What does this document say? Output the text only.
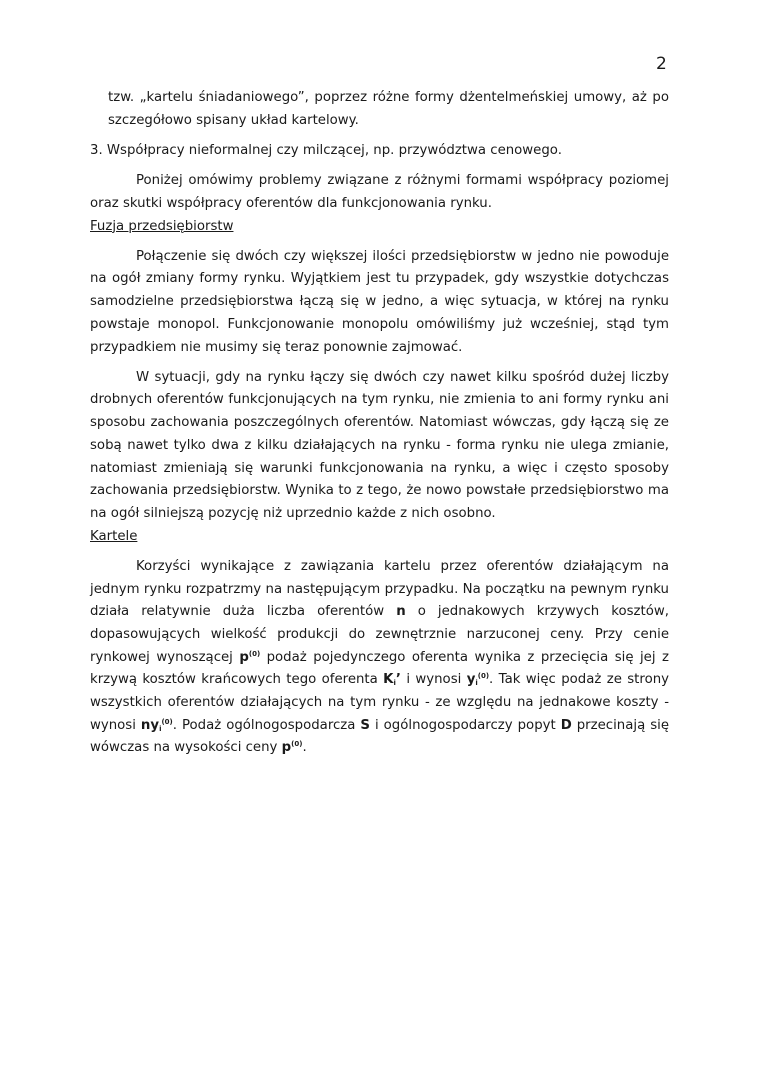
2

tzw. „kartelu śniadaniowego”, poprzez różne formy dżentelmeńskiej umowy, aż po szczegółowo spisany układ kartelowy.

3. Współpracy nieformalnej czy milczącej, np. przywództwa cenowego.

Poniżej omówimy problemy związane z różnymi formami współpracy poziomej oraz skutki współpracy oferentów dla funkcjonowania rynku.

Fuzja przedsiębiorstw

Połączenie się dwóch czy większej ilości przedsiębiorstw w jedno nie powoduje na ogół zmiany formy rynku. Wyjątkiem jest tu przypadek, gdy wszystkie dotychczas samodzielne przedsiębiorstwa łączą się w jedno, a więc sytuacja, w której na rynku powstaje monopol. Funkcjonowanie monopolu omówiliśmy już wcześniej, stąd tym przypadkiem nie musimy się teraz ponownie zajmować.

W sytuacji, gdy na rynku łączy się dwóch czy nawet kilku spośród dużej liczby drobnych oferentów funkcjonujących na tym rynku, nie zmienia to ani formy rynku ani sposobu zachowania poszczególnych oferentów. Natomiast wówczas, gdy łączą się ze sobą nawet tylko dwa z kilku działających na rynku - forma rynku nie ulega zmianie, natomiast zmieniają się warunki funkcjonowania na rynku, a więc i często sposoby zachowania przedsiębiorstw. Wynika to z tego, że nowo powstałe przedsiębiorstwo ma na ogół silniejszą pozycję niż uprzednio każde z nich osobno.

Kartele

Korzyści wynikające z zawiązania kartelu przez oferentów działającym na jednym rynku rozpatrzmy na następującym przypadku. Na początku na pewnym rynku działa relatywnie duża liczba oferentów n o jednakowych krzywych kosztów, dopasowujących wielkość produkcji do zewnętrznie narzuconej ceny. Przy cenie rynkowej wynoszącej $p^{(0)}$ podaż pojedynczego oferenta wynika z przecięcia się jej z krzywą kosztów krańcowych tego oferenta $K_i$’ i wynosi $y_i^{(0)}$. Tak więc podaż ze strony wszystkich oferentów działających na tym rynku - ze względu na jednakowe koszty - wynosi $ny_i^{(0)}$. Podaż ogólnogospodarcza S i ogólnogospodarczy popyt D przecinają się wówczas na wysokości ceny $p^{(0)}$.
